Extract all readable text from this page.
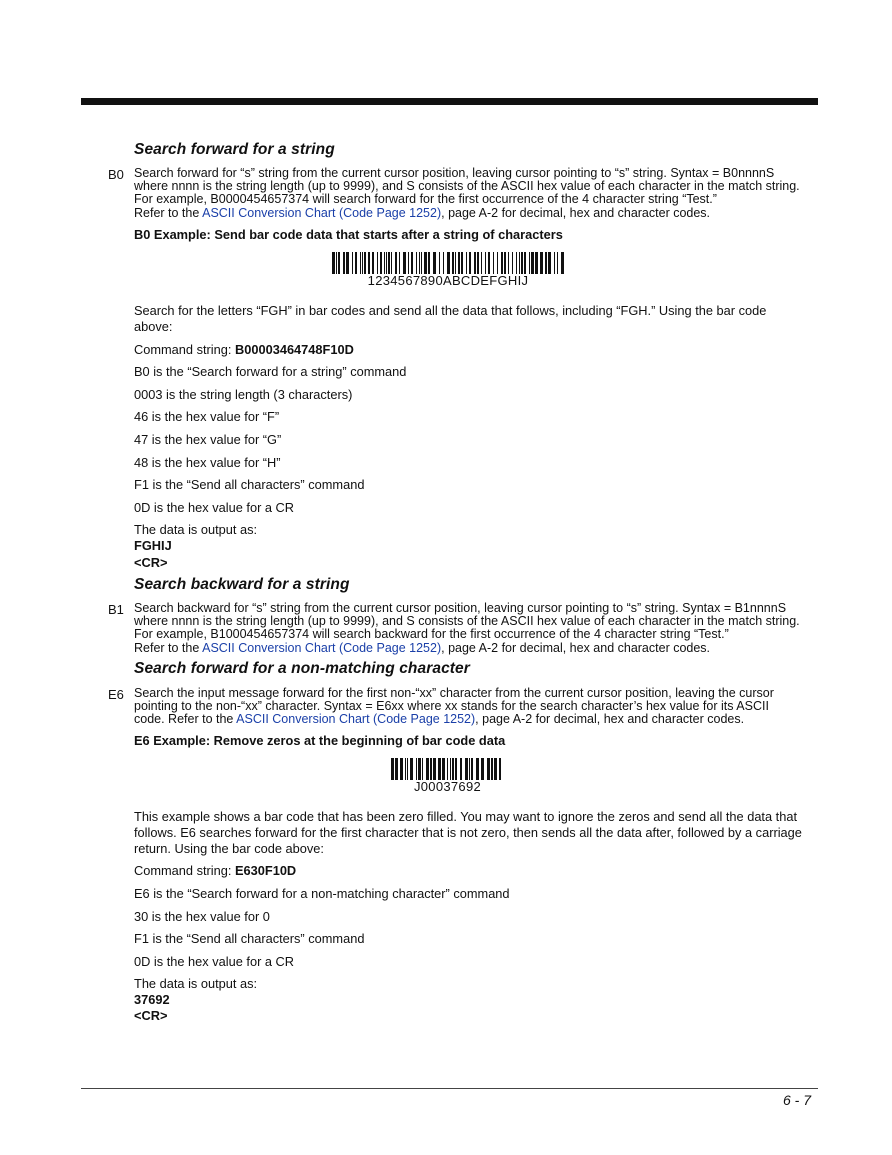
Search forward for a string
B0 Search forward for “s” string from the current cursor position, leaving cursor pointing to “s” string. Syntax = B0nnnnS
where nnnn is the string length (up to 9999), and S consists of the ASCII hex value of each character in the match string.
For example, B0000454657374 will search forward for the first occurrence of the 4 character string “Test.”
Refer to the ASCII Conversion Chart (Code Page 1252), page A-2 for decimal, hex and character codes.
B0 Example: Send bar code data that starts after a string of characters
1234567890ABCDEFGHIJ
Search for the letters “FGH” in bar codes and send all the data that follows, including “FGH.” Using the bar code
above:
Command string: B00003464748F10D
B0 is the “Search forward for a string” command
0003 is the string length (3 characters)
46 is the hex value for “F”
47 is the hex value for “G”
48 is the hex value for “H”
F1 is the “Send all characters” command
0D is the hex value for a CR
The data is output as:
FGHIJ
<CR>
Search backward for a string
B1 Search backward for “s” string from the current cursor position, leaving cursor pointing to “s” string. Syntax = B1nnnnS
where nnnn is the string length (up to 9999), and S consists of the ASCII hex value of each character in the match string.
For example, B1000454657374 will search backward for the first occurrence of the 4 character string “Test.”
Refer to the ASCII Conversion Chart (Code Page 1252), page A-2 for decimal, hex and character codes.
Search forward for a non-matching character
E6 Search the input message forward for the first non-“xx” character from the current cursor position, leaving the cursor
pointing to the non-“xx” character. Syntax = E6xx where xx stands for the search character’s hex value for its ASCII
code. Refer to the ASCII Conversion Chart (Code Page 1252), page A-2 for decimal, hex and character codes.
E6 Example: Remove zeros at the beginning of bar code data
J00037692
This example shows a bar code that has been zero filled. You may want to ignore the zeros and send all the data that
follows. E6 searches forward for the first character that is not zero, then sends all the data after, followed by a carriage
return. Using the bar code above:
Command string: E630F10D
E6 is the “Search forward for a non-matching character” command
30 is the hex value for 0
F1 is the “Send all characters” command
0D is the hex value for a CR
The data is output as:
37692
<CR>
6 - 7
